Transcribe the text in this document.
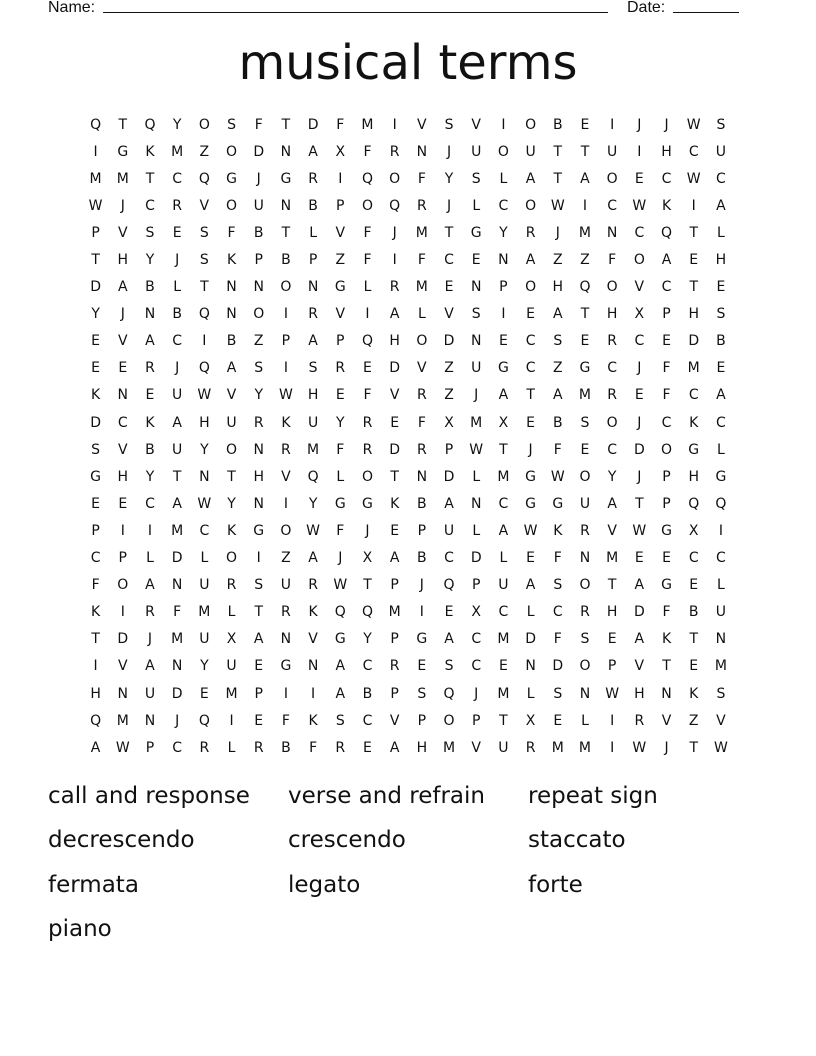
Name:	Date:
musical terms
Q	T	Q	Y	O	S	F	T	D	F	M	I	V	S	V	I	O	B	E	I	J	J	W	S
I	G	K	M	Z	O	D	N	A	X	F	R	N	J	U	O	U	T	T	U	I	H	C	U
M	M	T	C	Q	G	J	G	R	I	Q	O	F	Y	S	L	A	T	A	O	E	C	W	C
W	J	C	R	V	O	U	N	B	P	O	Q	R	J	L	C	O	W	I	C	W	K	I	A
P	V	S	E	S	F	B	T	L	V	F	J	M	T	G	Y	R	J	M	N	C	Q	T	L
T	H	Y	J	S	K	P	B	P	Z	F	I	F	C	E	N	A	Z	Z	F	O	A	E	H
D	A	B	L	T	N	N	O	N	G	L	R	M	E	N	P	O	H	Q	O	V	C	T	E
Y	J	N	B	Q	N	O	I	R	V	I	A	L	V	S	I	E	A	T	H	X	P	H	S
E	V	A	C	I	B	Z	P	A	P	Q	H	O	D	N	E	C	S	E	R	C	E	D	B
E	E	R	J	Q	A	S	I	S	R	E	D	V	Z	U	G	C	Z	G	C	J	F	M	E
K	N	E	U	W	V	Y	W	H	E	F	V	R	Z	J	A	T	A	M	R	E	F	C	A
D	C	K	A	H	U	R	K	U	Y	R	E	F	X	M	X	E	B	S	O	J	C	K	C
S	V	B	U	Y	O	N	R	M	F	R	D	R	P	W	T	J	F	E	C	D	O	G	L
G	H	Y	T	N	T	H	V	Q	L	O	T	N	D	L	M	G	W	O	Y	J	P	H	G
E	E	C	A	W	Y	N	I	Y	G	G	K	B	A	N	C	G	G	U	A	T	P	Q	Q
P	I	I	M	C	K	G	O	W	F	J	E	P	U	L	A	W	K	R	V	W	G	X	I
C	P	L	D	L	O	I	Z	A	J	X	A	B	C	D	L	E	F	N	M	E	E	C	C
F	O	A	N	U	R	S	U	R	W	T	P	J	Q	P	U	A	S	O	T	A	G	E	L
K	I	R	F	M	L	T	R	K	Q	Q	M	I	E	X	C	L	C	R	H	D	F	B	U
T	D	J	M	U	X	A	N	V	G	Y	P	G	A	C	M	D	F	S	E	A	K	T	N
I	V	A	N	Y	U	E	G	N	A	C	R	E	S	C	E	N	D	O	P	V	T	E	M
H	N	U	D	E	M	P	I	I	A	B	P	S	Q	J	M	L	S	N	W	H	N	K	S
Q	M	N	J	Q	I	E	F	K	S	C	V	P	O	P	T	X	E	L	I	R	V	Z	V
A	W	P	C	R	L	R	B	F	R	E	A	H	M	V	U	R	M	M	I	W	J	T	W
call and response	verse and refrain	repeat sign
decrescendo	crescendo	staccato
fermata	legato	forte
piano
